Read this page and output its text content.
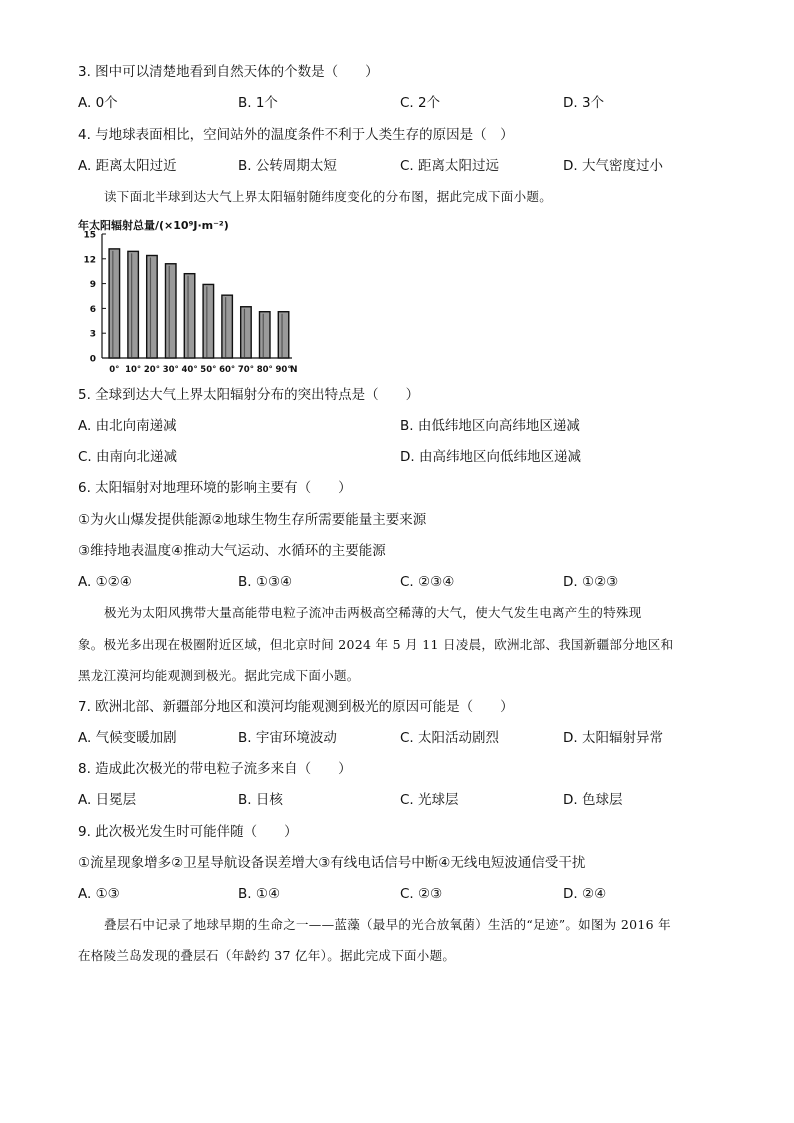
3. 图中可以清楚地看到自然天体的个数是（　　）
A. 0个	B. 1个	C. 2个	D. 3个
4. 与地球表面相比，空间站外的温度条件不利于人类生存的原因是（　）
A. 距离太阳过近	B. 公转周期太短	C. 距离太阳过远	D. 大气密度过小
读下面北半球到达大气上界太阳辐射随纬度变化的分布图，据此完成下面小题。
年太阳辐射总量/(×10⁹J·m⁻²)
0
3
6
9
12
15
0° 10° 20° 30° 40° 50° 60° 70° 80° 90°
N
5. 全球到达大气上界太阳辐射分布的突出特点是（　　）
A. 由北向南递减	B. 由低纬地区向高纬地区递减
C. 由南向北递减	D. 由高纬地区向低纬地区递减
6. 太阳辐射对地理环境的影响主要有（　　）
①为火山爆发提供能源②地球生物生存所需要能量主要来源
③维持地表温度④推动大气运动、水循环的主要能源
A. ①②④	B. ①③④	C. ②③④	D. ①②③
极光为太阳风携带大量高能带电粒子流冲击两极高空稀薄的大气，使大气发生电离产生的特殊现
象。极光多出现在极圈附近区域，但北京时间 2024 年 5 月 11 日凌晨，欧洲北部、我国新疆部分地区和
黑龙江漠河均能观测到极光。据此完成下面小题。
7. 欧洲北部、新疆部分地区和漠河均能观测到极光的原因可能是（　　）
A. 气候变暖加剧	B. 宇宙环境波动	C. 太阳活动剧烈	D. 太阳辐射异常
8. 造成此次极光的带电粒子流多来自（　　）
A. 日冕层	B. 日核	C. 光球层	D. 色球层
9. 此次极光发生时可能伴随（　　）
①流星现象增多②卫星导航设备误差增大③有线电话信号中断④无线电短波通信受干扰
A. ①③	B. ①④	C. ②③	D. ②④
叠层石中记录了地球早期的生命之一——蓝藻（最早的光合放氧菌）生活的“足迹”。如图为 2016 年
在格陵兰岛发现的叠层石（年龄约 37 亿年）。据此完成下面小题。
